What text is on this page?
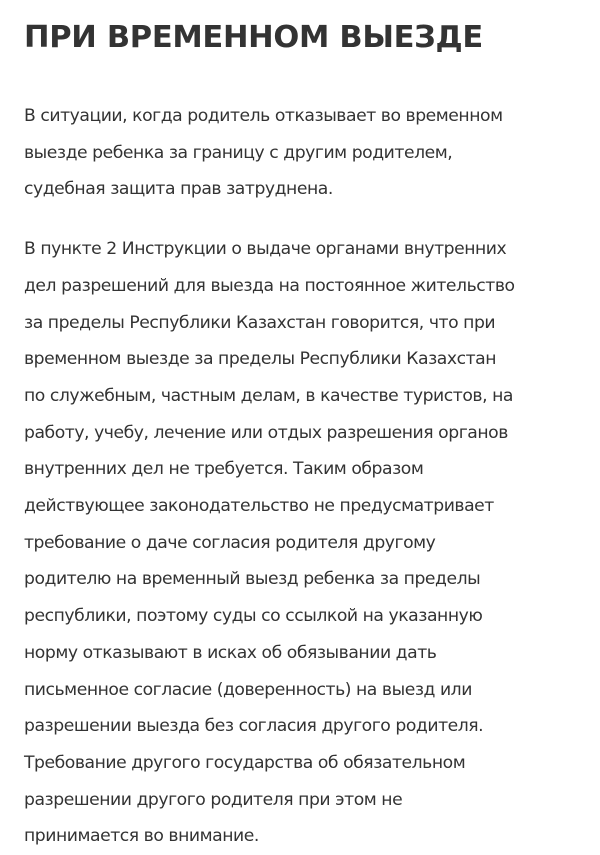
ПРИ ВРЕМЕННОМ ВЫЕЗДЕ

В ситуации, когда родитель отказывает во временном
выезде ребенка за границу с другим родителем,
судебная защита прав затруднена.

В пункте 2 Инструкции о выдаче органами внутренних
дел разрешений для выезда на постоянное жительство
за пределы Республики Казахстан говорится, что при
временном выезде за пределы Республики Казахстан
по служебным, частным делам, в качестве туристов, на
работу, учебу, лечение или отдых разрешения органов
внутренних дел не требуется. Таким образом
действующее законодательство не предусматривает
требование о даче согласия родителя другому
родителю на временный выезд ребенка за пределы
республики, поэтому суды со ссылкой на указанную
норму отказывают в исках об обязывании дать
письменное согласие (доверенность) на выезд или
разрешении выезда без согласия другого родителя.
Требование другого государства об обязательном
разрешении другого родителя при этом не
принимается во внимание.
